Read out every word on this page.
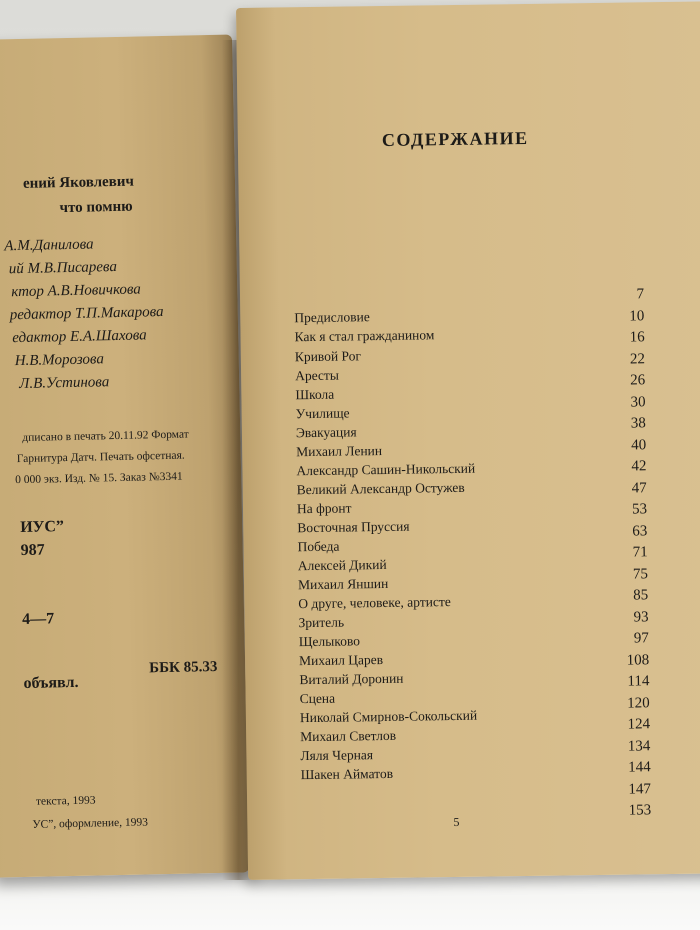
ений Яковлевич
что помню
А.М.Данилова
ий М.В.Писарева
ктор А.В.Новичкова
редактор Т.П.Макарова
едактор Е.А.Шахова
Н.В.Морозова
Л.В.Устинова
дписано в печать 20.11.92 Формат
Гарнитура Датч. Печать офсетная.
0 000 экз. Изд. № 15. Заказ №3341
ИУС”
987
4—7
объявл.
ББК 85.33
текста, 1993
УС”, оформление, 1993
СОДЕРЖАНИЕ
Предисловие
Как я стал гражданином
Кривой Рог
Аресты
Школа
Училище
Эвакуация
Михаил Ленин
Александр Сашин-Никольский
Великий Александр Остужев
На фронт
Восточная Пруссия
Победа
Алексей Дикий
Михаил Яншин
О друге, человеке, артисте
Зритель
Щелыково
Михаил Царев
Виталий Доронин
Сцена
Николай Смирнов-Сокольский
Михаил Светлов
Ляля Черная
Шакен Айматов
7
10
16
22
26
30
38
40
42
47
53
63
71
75
85
93
97
108
114
120
124
134
144
147
153
5
